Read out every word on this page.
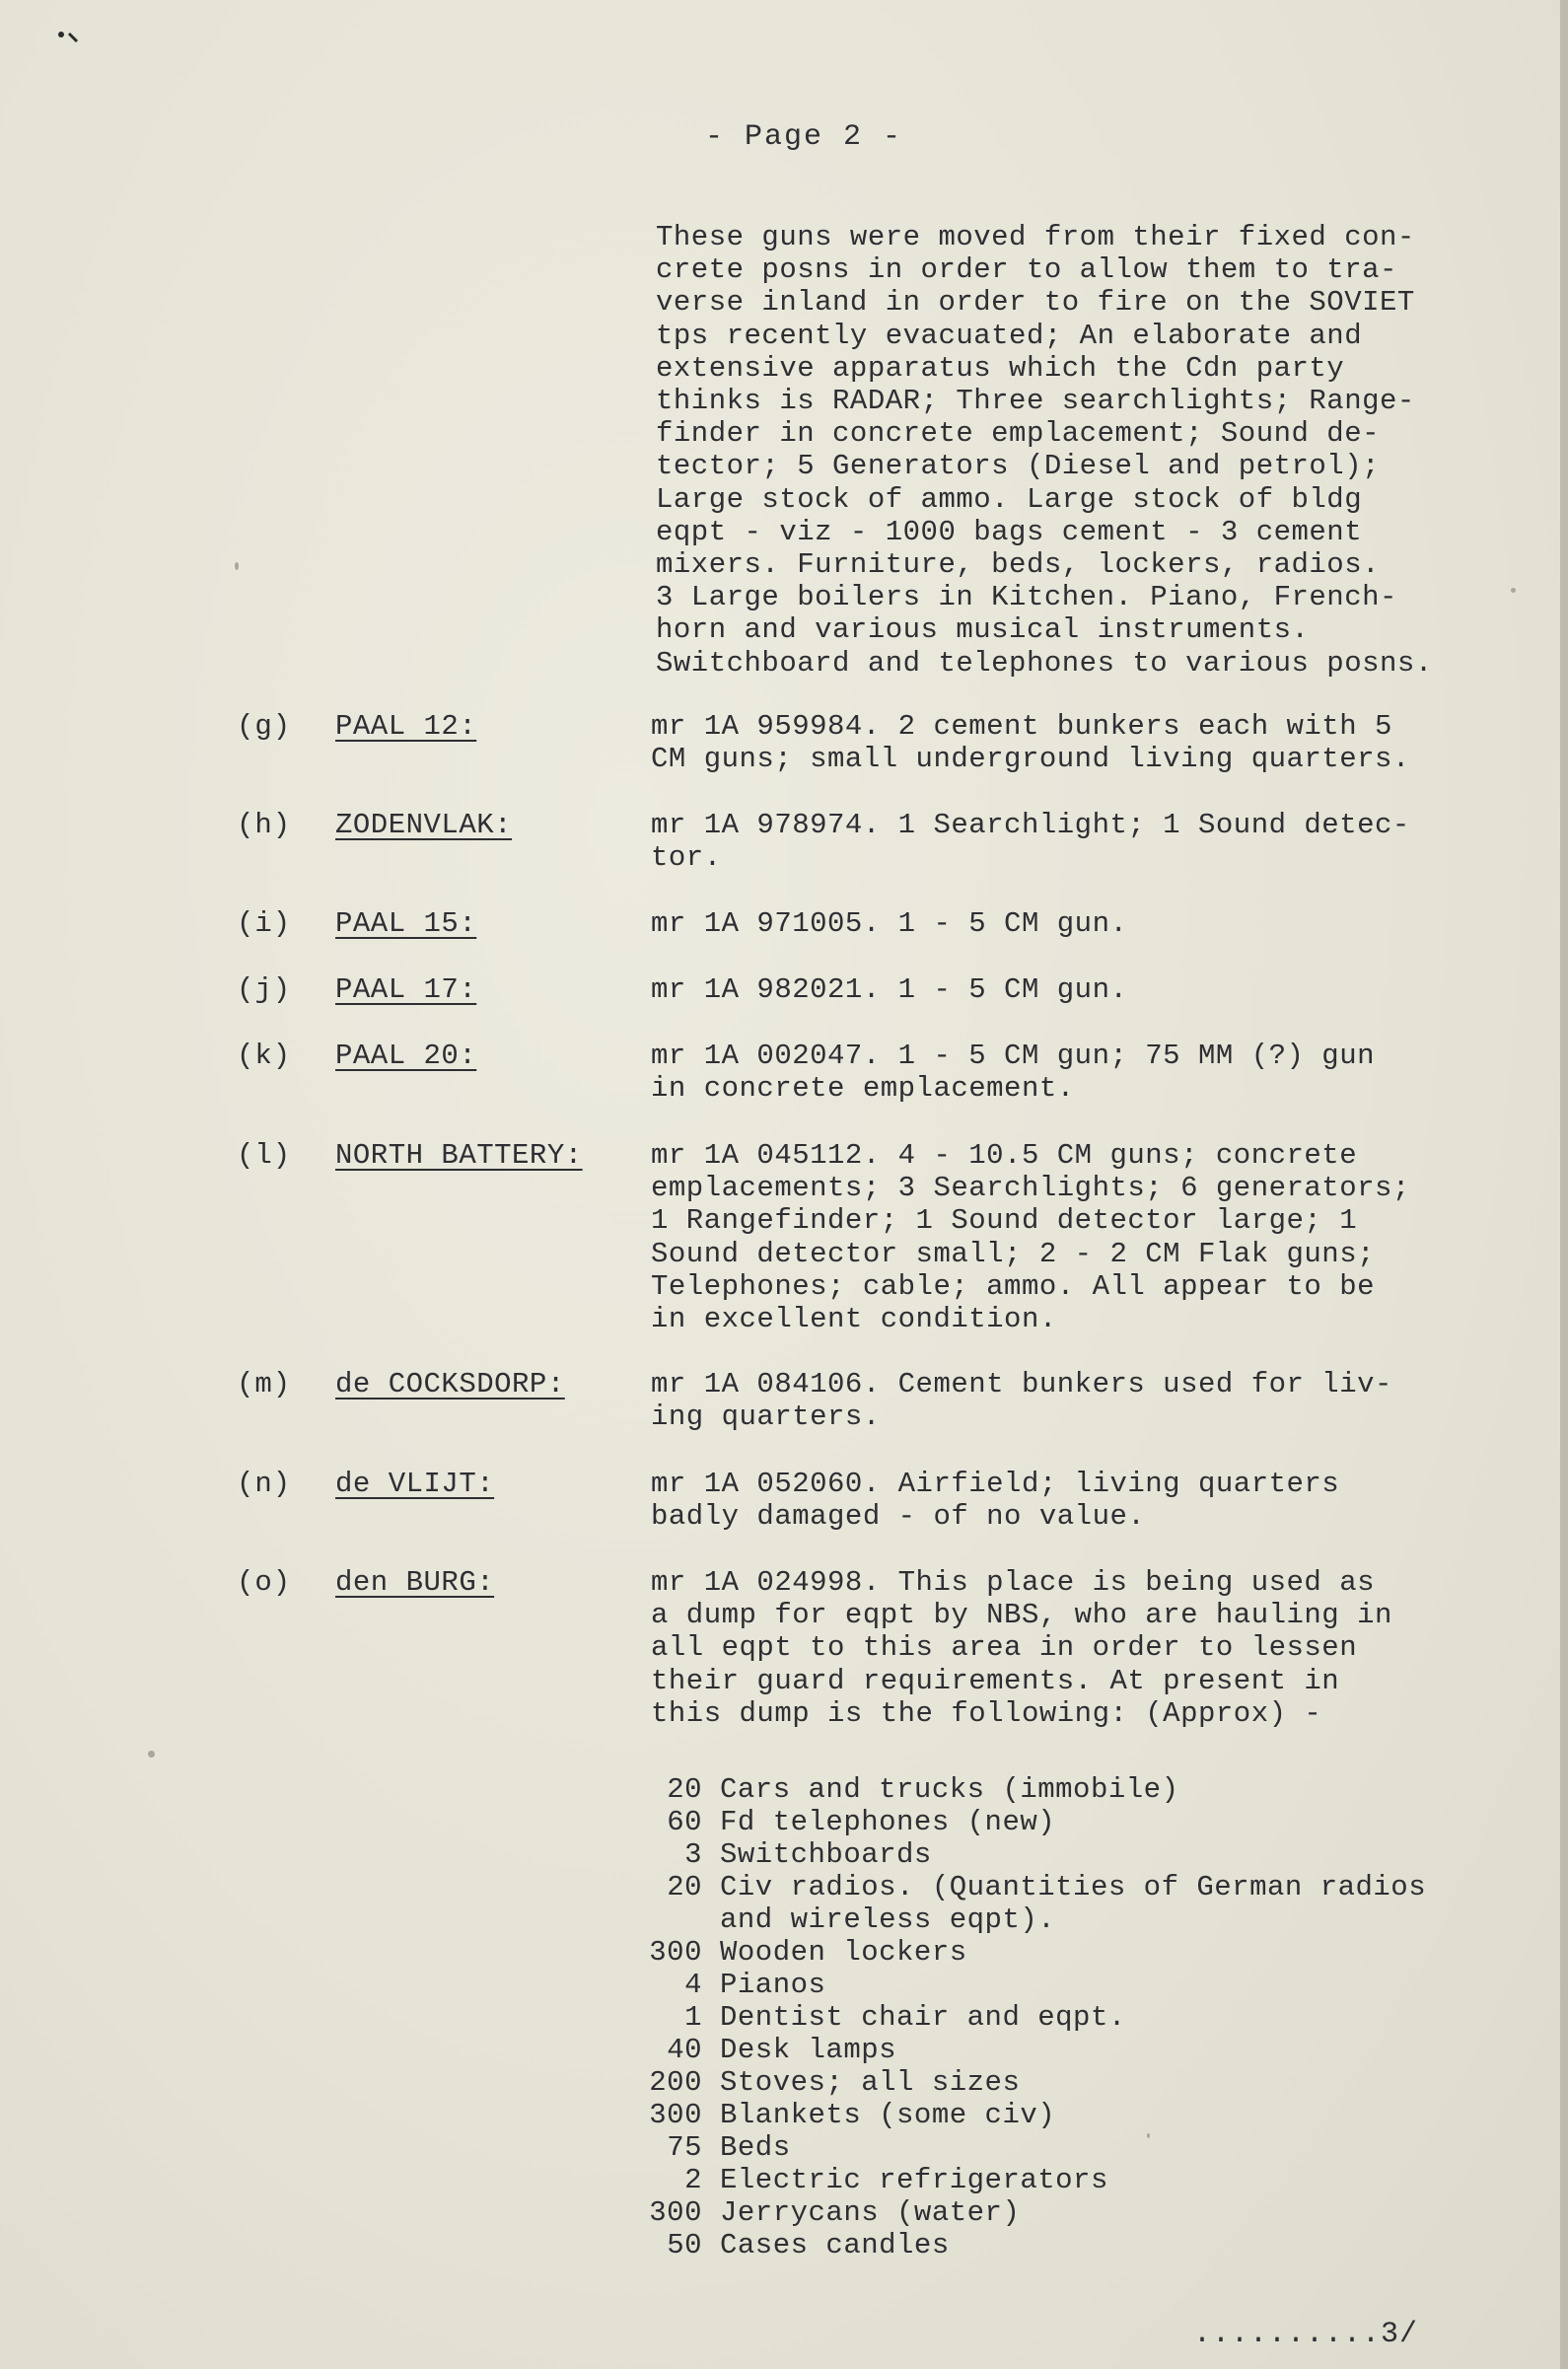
- Page 2 -
These guns were moved from their fixed con-
crete posns in order to allow them to tra-
verse inland in order to fire on the SOVIET
tps recently evacuated; An elaborate and
extensive apparatus which the Cdn party
thinks is RADAR; Three searchlights; Range-
finder in concrete emplacement; Sound de-
tector; 5 Generators (Diesel and petrol);
Large stock of ammo. Large stock of bldg
eqpt - viz - 1000 bags cement - 3 cement
mixers. Furniture, beds, lockers, radios.
3 Large boilers in Kitchen. Piano, French-
horn and various musical instruments.
Switchboard and telephones to various posns.
(g) PAAL 12:	mr 1A 959984. 2 cement bunkers each with 5
CM guns; small underground living quarters.
(h) ZODENVLAK:	mr 1A 978974. 1 Searchlight; 1 Sound detec-
tor.
(i) PAAL 15:	mr 1A 971005. 1 - 5 CM gun.
(j) PAAL 17:	mr 1A 982021. 1 - 5 CM gun.
(k) PAAL 20:	mr 1A 002047. 1 - 5 CM gun; 75 MM (?) gun
in concrete emplacement.
(l) NORTH BATTERY: mr 1A 045112. 4 - 10.5 CM guns; concrete
emplacements; 3 Searchlights; 6 generators;
1 Rangefinder; 1 Sound detector large; 1
Sound detector small; 2 - 2 CM Flak guns;
Telephones; cable; ammo. All appear to be
in excellent condition.
(m) de COCKSDORP:	mr 1A 084106. Cement bunkers used for liv-
ing quarters.
(n) de VLIJT:	mr 1A 052060. Airfield; living quarters
badly damaged - of no value.
(o) den BURG:	mr 1A 024998. This place is being used as
a dump for eqpt by NBS, who are hauling in
all eqpt to this area in order to lessen
their guard requirements. At present in
this dump is the following: (Approx) -
20 Cars and trucks (immobile)
60 Fd telephones (new)
3 Switchboards
20 Civ radios. (Quantities of German radios
and wireless eqpt).
300 Wooden lockers
4 Pianos
1 Dentist chair and eqpt.
40 Desk lamps
200 Stoves; all sizes
300 Blankets (some civ)
75 Beds
2 Electric refrigerators
300 Jerrycans (water)
50 Cases candles
..........3/
